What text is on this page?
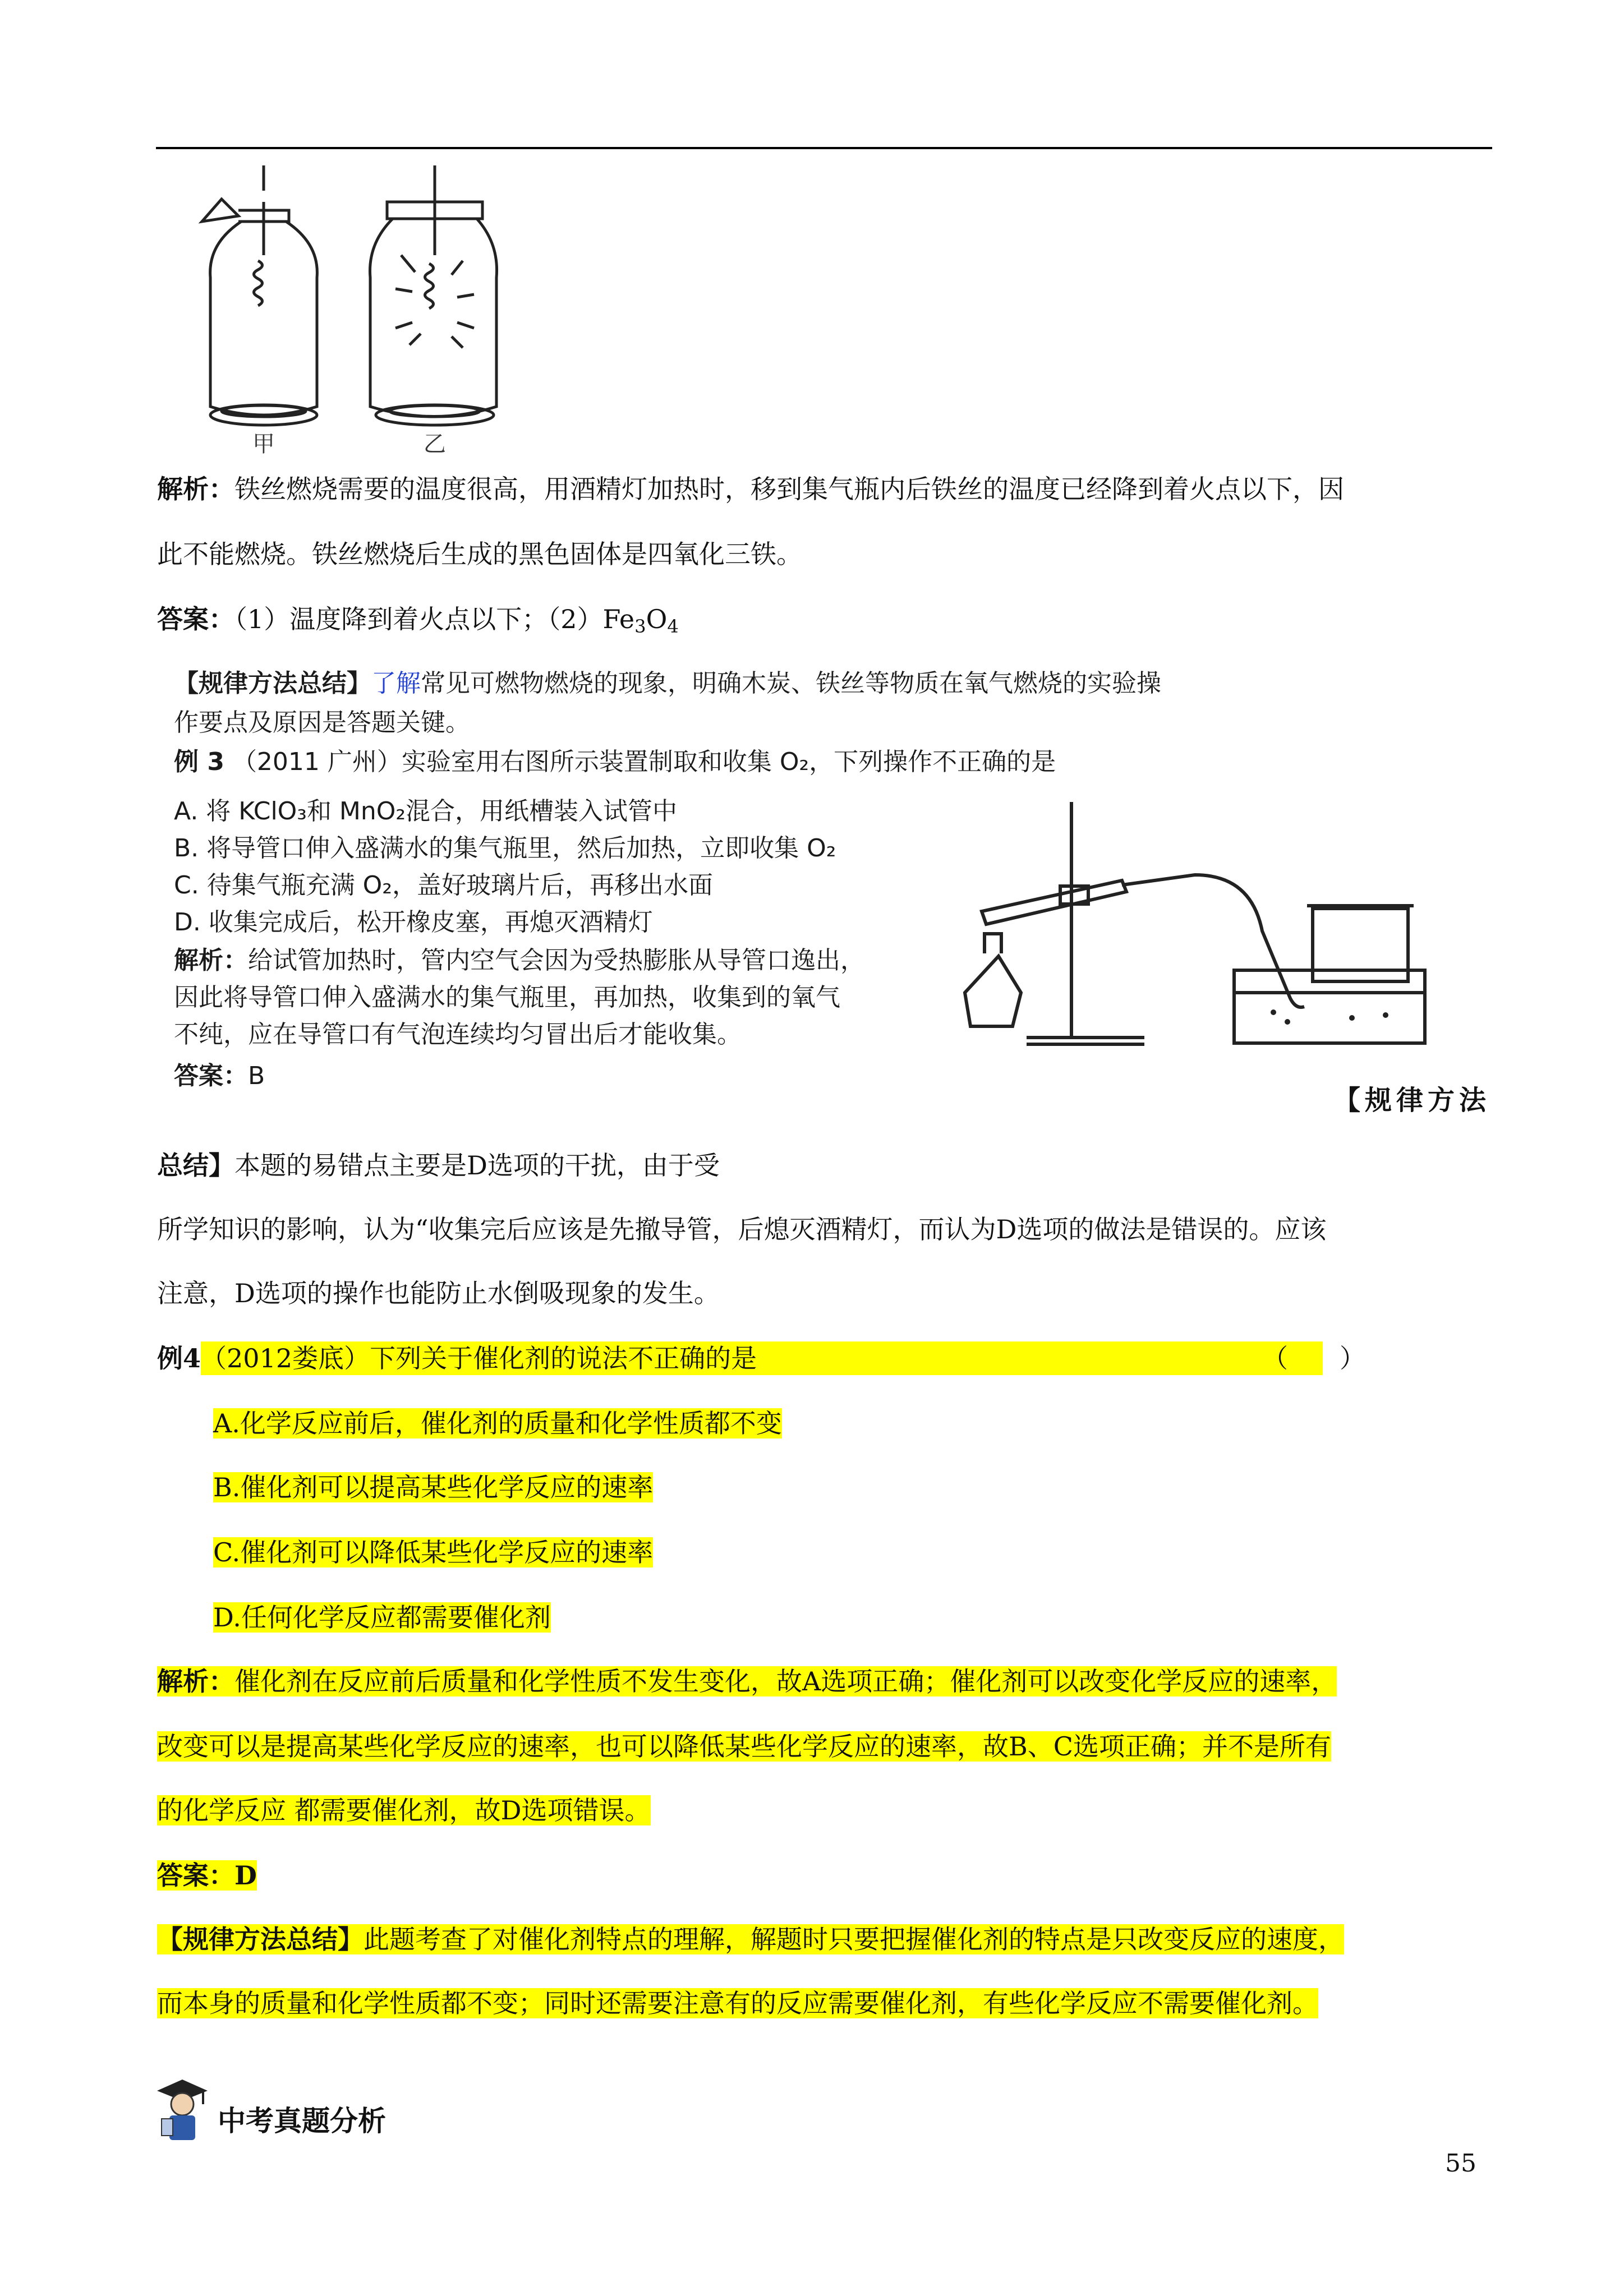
甲	乙
解析：铁丝燃烧需要的温度很高，用酒精灯加热时，移到集气瓶内后铁丝的温度已经降到着火点以下，因
此不能燃烧。铁丝燃烧后生成的黑色固体是四氧化三铁。
答案：（1）温度降到着火点以下；$(2)Fe_3O_4$
【规律方法总结】了解常见可燃物燃烧的现象，明确木炭、铁丝等物质在氧气燃烧的实验操
作要点及原因是答题关键。
例 3 （2011 广州）实验室用右图所示装置制取和收集 O₂，下列操作不正确的是
A. 将 KClO₃和 MnO₂混合，用纸槽装入试管中
B. 将导管口伸入盛满水的集气瓶里，然后加热，立即收集 O₂
C. 待集气瓶充满 O₂，盖好玻璃片后，再移出水面
D. 收集完成后，松开橡皮塞，再熄灭酒精灯
解析：给试管加热时，管内空气会因为受热膨胀从导管口逸出，
因此将导管口伸入盛满水的集气瓶里，再加热，收集到的氧气
不纯，应在导管口有气泡连续均匀冒出后才能收集。
答案：B
【规律方法
总结】本题的易错点主要是D选项的干扰，由于受
所学知识的影响，认为“收集完后应该是先撤导管，后熄灭酒精灯，而认为D选项的做法是错误的。应该
注意，D选项的操作也能防止水倒吸现象的发生。
例4（2012娄底）下列关于催化剂的说法不正确的是	（　　）
A.化学反应前后，催化剂的质量和化学性质都不变
B.催化剂可以提高某些化学反应的速率
C.催化剂可以降低某些化学反应的速率
D.任何化学反应都需要催化剂
解析：催化剂在反应前后质量和化学性质不发生变化，故A选项正确；催化剂可以改变化学反应的速率，
改变可以是提高某些化学反应的速率，也可以降低某些化学反应的速率，故B、C选项正确；并不是所有
的化学反应 都需要催化剂，故D选项错误。
答案：D
【规律方法总结】此题考查了对催化剂特点的理解，解题时只要把握催化剂的特点是只改变反应的速度，
而本身的质量和化学性质都不变；同时还需要注意有的反应需要催化剂，有些化学反应不需要催化剂。
中考真题分析
55
